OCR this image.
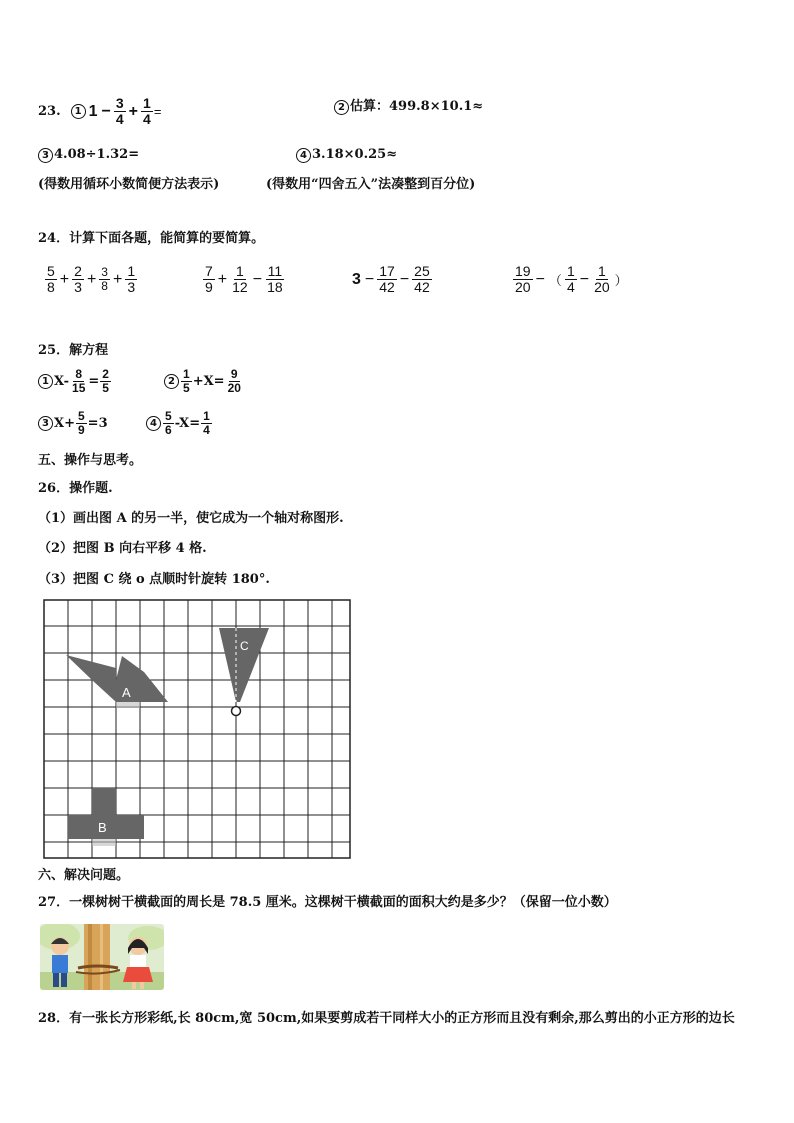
23.	1 $1 - \frac{3}{4} + \frac{1}{4}$ =	2 估算：499.8×10.1≈
3 4.08÷1.32=	4 3.18×0.25≈
(得数用循环小数简便方法表示)	(得数用“四舍五入”法凑整到百分位)
24．计算下面各题，能简算的要简算。
$\frac{5}{8} + \frac{2}{3} + \frac{3}{8} + \frac{1}{3}$	$\frac{7}{9} + \frac{1}{12} - \frac{11}{18}$	$3 - \frac{17}{42} - \frac{25}{42}$	$\frac{19}{20}$ − （ $\frac{1}{4} - \frac{1}{20}$ ）
25．解方程
1 $X- \frac{8}{15} = \frac{2}{5}$	$2 \frac{1}{5} +X= \frac{9}{20}$
3 $X+ \frac{5}{9} =3$	$4 \frac{5}{6} -X= \frac{1}{4}$
五、操作与思考。
26．操作题.
（1）画出图 A 的另一半，使它成为一个轴对称图形.
（2）把图 B 向右平移 4 格.
（3）把图 C 绕 o 点顺时针旋转 180°.
A
B
C
六、解决问题。
27．一棵树树干横截面的周长是 78.5 厘米。这棵树干横截面的面积大约是多少？（保留一位小数）
28．有一张长方形彩纸,长 80cm,宽 50cm,如果要剪成若干同样大小的正方形而且没有剩余,那么剪出的小正方形的边长
